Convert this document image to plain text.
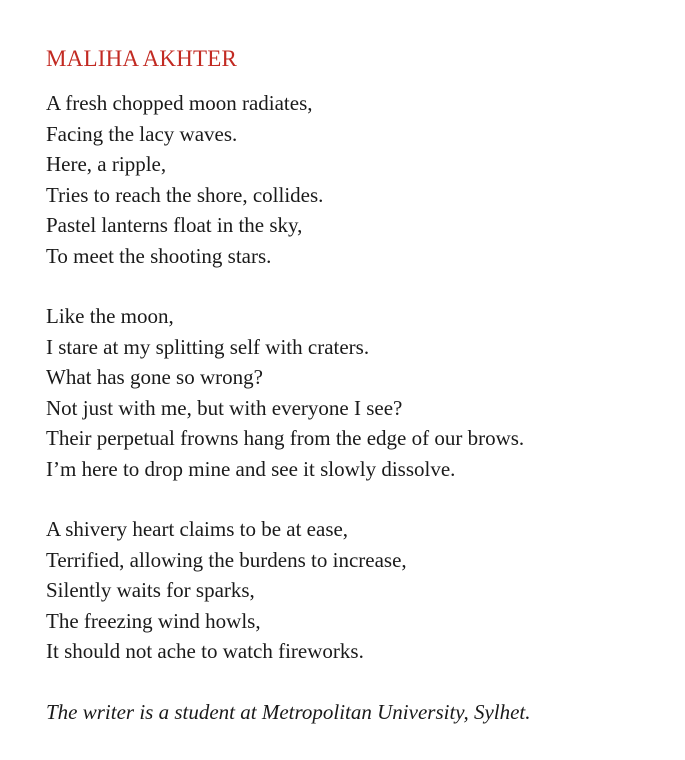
MALIHA AKHTER
A fresh chopped moon radiates,
Facing the lacy waves.
Here, a ripple,
Tries to reach the shore, collides.
Pastel lanterns float in the sky,
To meet the shooting stars.
Like the moon,
I stare at my splitting self with craters.
What has gone so wrong?
Not just with me, but with everyone I see?
Their perpetual frowns hang from the edge of our brows.
I’m here to drop mine and see it slowly dissolve.
A shivery heart claims to be at ease,
Terrified, allowing the burdens to increase,
Silently waits for sparks,
The freezing wind howls,
It should not ache to watch fireworks.
The writer is a student at Metropolitan University, Sylhet.
